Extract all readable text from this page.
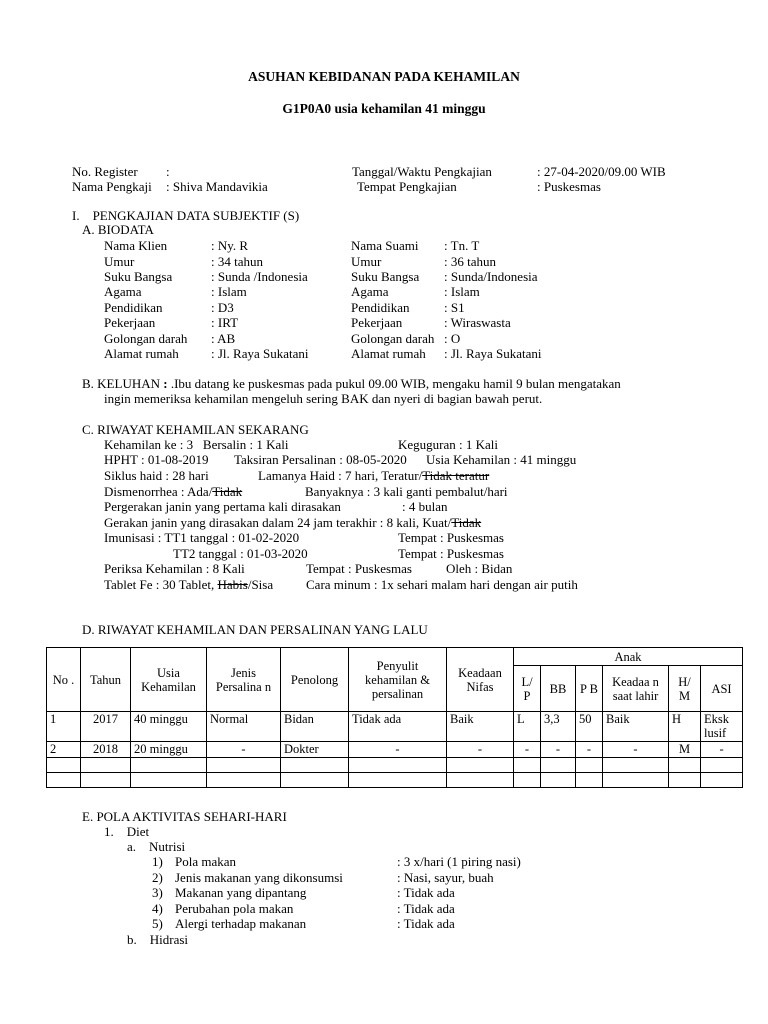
ASUHAN KEBIDANAN PADA KEHAMILAN
G1P0A0 usia kehamilan 41 minggu
No. Register :
Nama Pengkaji : Shiva Mandavikia
Tanggal/Waktu Pengkajian	: 27-04-2020/09.00 WIB
Tempat Pengkajian	: Puskesmas
I.    PENGKAJIAN DATA SUBJEKTIF (S)
A. BIODATA
Nama Klien	: Ny. R	Nama Suami : Tn. T
Umur	: 34 tahun	Umur	: 36 tahun
Suku Bangsa	: Sunda /Indonesia	Suku Bangsa : Sunda/Indonesia
Agama	: Islam	Agama	: Islam
Pendidikan	: D3	Pendidikan	: S1
Pekerjaan	: IRT	Pekerjaan	: Wiraswasta
Golongan darah : AB	Golongan darah : O
Alamat rumah : Jl. Raya Sukatani	Alamat rumah : Jl. Raya Sukatani
B. KELUHAN : .Ibu datang ke puskesmas pada pukul 09.00 WIB, mengaku hamil 9 bulan mengatakan
ingin memeriksa kehamilan mengeluh sering BAK dan nyeri di bagian bawah perut.
C. RIWAYAT KEHAMILAN SEKARANG
Kehamilan ke : 3   Bersalin : 1 Kali	Keguguran : 1 Kali
HPHT : 01-08-2019 Taksiran Persalinan : 08-05-2020 Usia Kehamilan : 41 minggu
Siklus haid : 28 hari	Lamanya Haid : 7 hari, Teratur/Tidak teratur
Dismenorrhea : Ada/Tidak	Banyaknya : 3 kali ganti pembalut/hari
Pergerakan janin yang pertama kali dirasakan	: 4 bulan
Gerakan janin yang dirasakan dalam 24 jam terakhir : 8 kali, Kuat/Tidak
Imunisasi : TT1 tanggal : 01-02-2020	Tempat : Puskesmas
TT2 tanggal : 01-03-2020	Tempat : Puskesmas
Periksa Kehamilan : 8 Kali	Tempat : Puskesmas	Oleh : Bidan
Tablet Fe : 30 Tablet, Habis/Sisa	Cara minum : 1x sehari malam hari dengan air putih
D. RIWAYAT KEHAMILAN DAN PERSALINAN YANG LALU
No .	Tahun	Usia Kehamilan	Jenis Persalina n	Penolong	Penyulit kehamilan & persalinan	Keadaan Nifas	Anak					
							L/ P	BB	P B	Keadaa n saat lahir	H/ M	ASI
1	2017	40 minggu	Normal	Bidan	Tidak ada	Baik	L	3,3	50	Baik	H	Eksk lusif
2	2018	20 minggu	-	Dokter	-	-	-	-	-	-	M	-

E. POLA AKTIVITAS SEHARI-HARI
1.    Diet
a.    Nutrisi
1) Pola makan	: 3 x/hari (1 piring nasi)
2) Jenis makanan yang dikonsumsi	: Nasi, sayur, buah
3) Makanan yang dipantang	: Tidak ada
4) Perubahan pola makan	: Tidak ada
5) Alergi terhadap makanan	: Tidak ada
b.    Hidrasi
